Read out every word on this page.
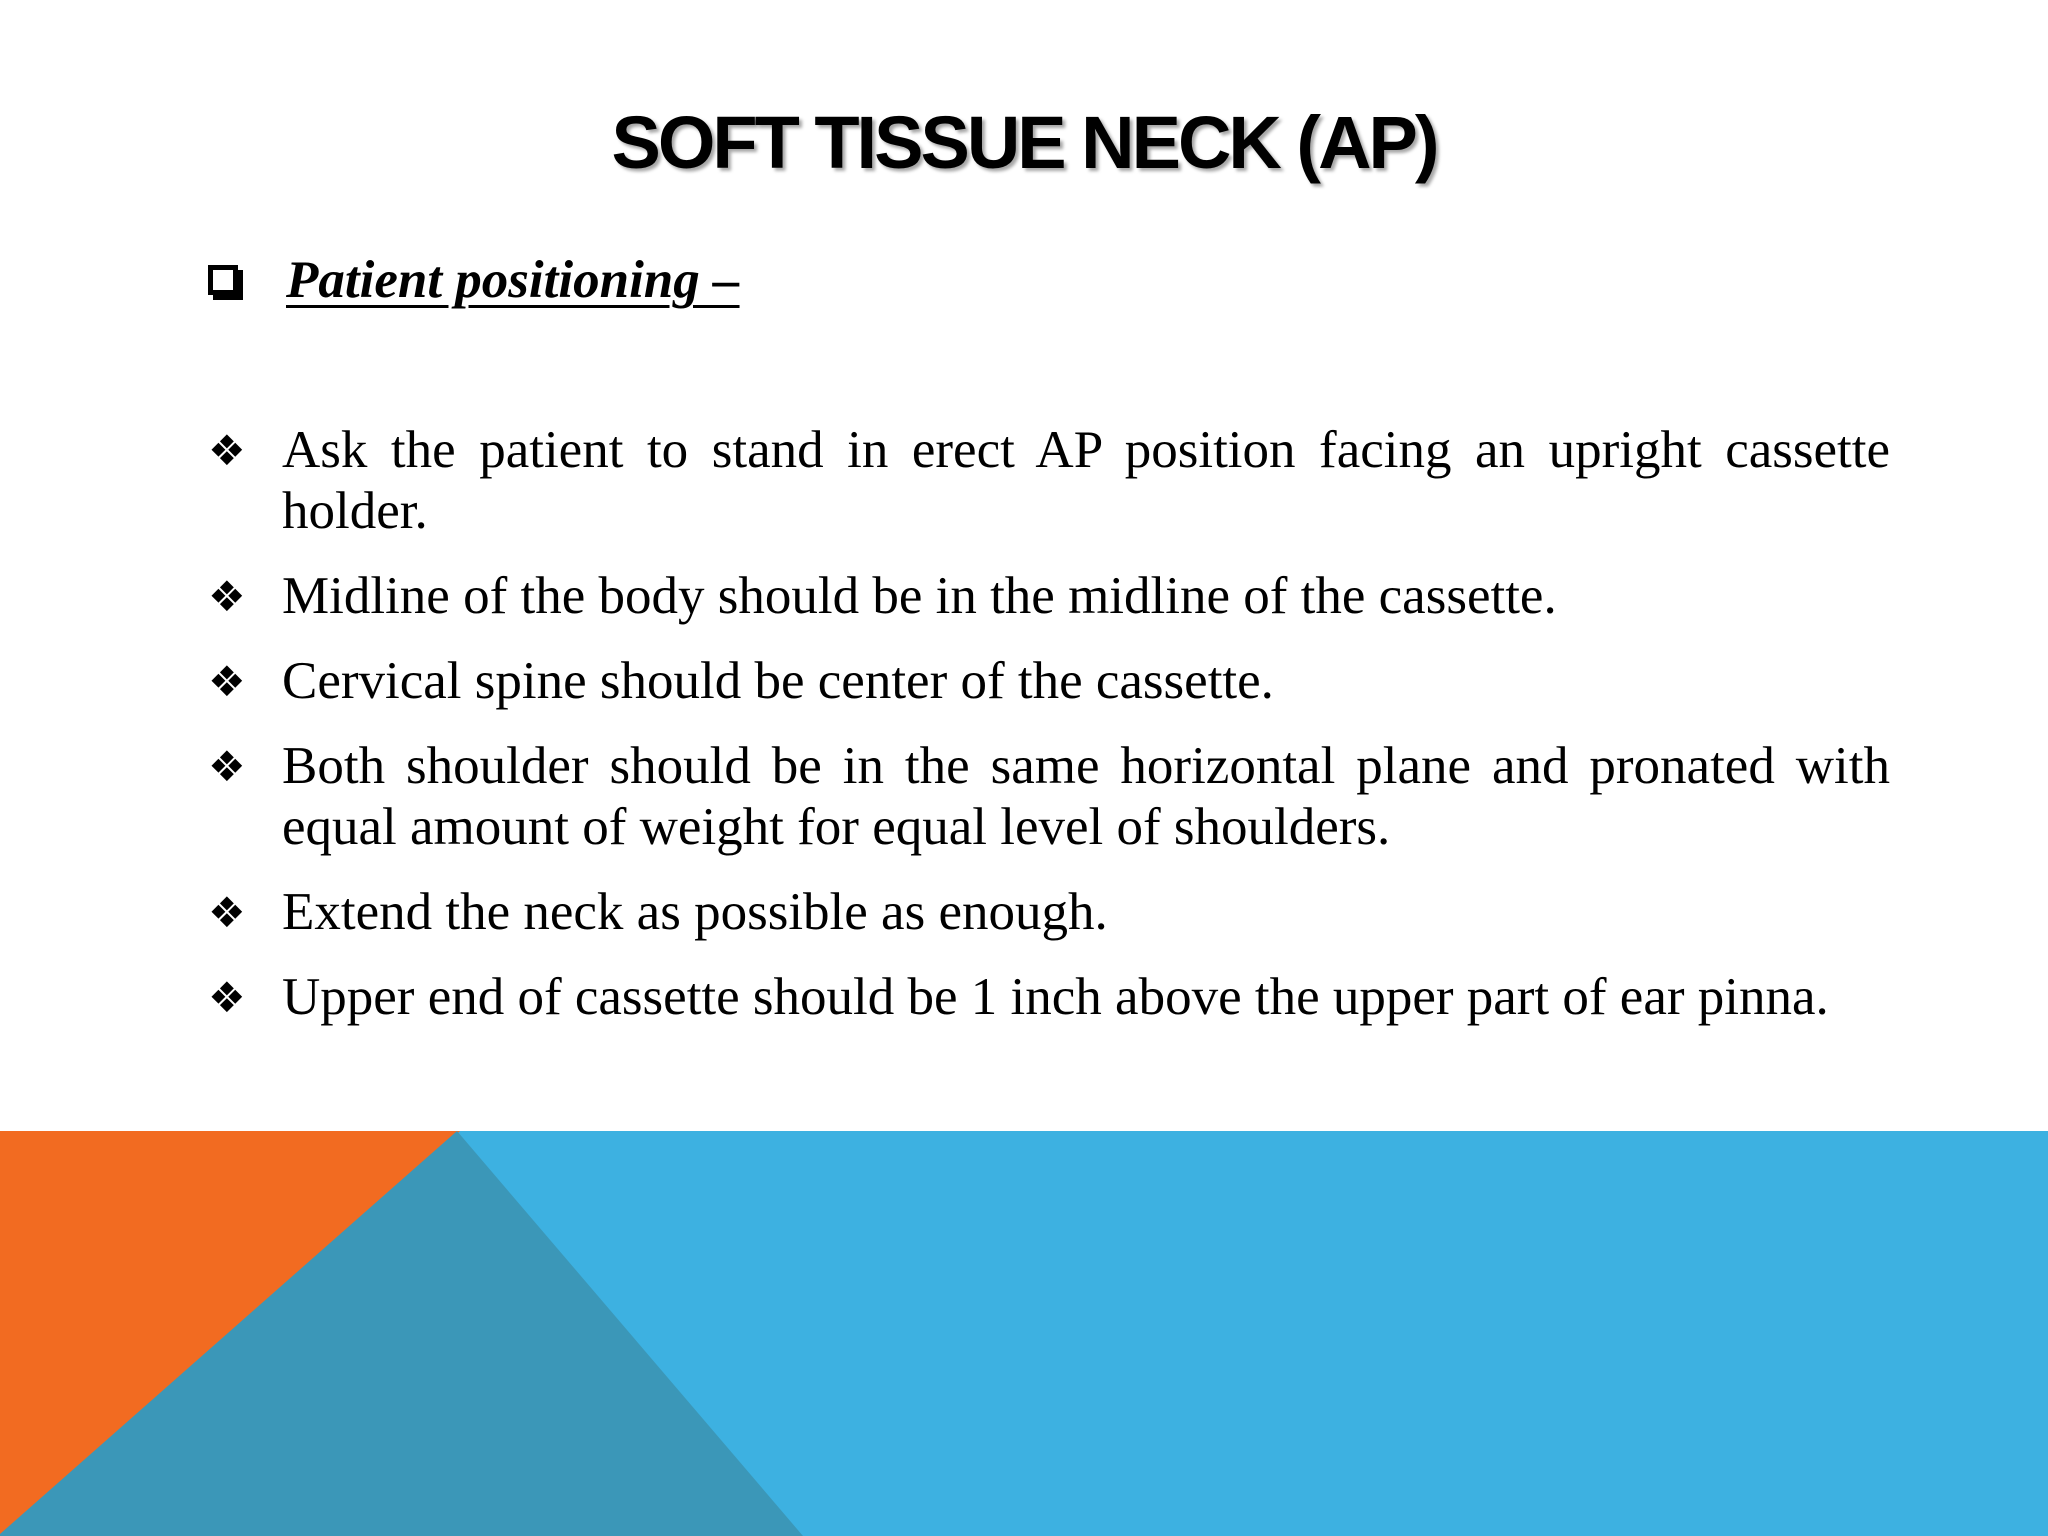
SOFT TISSUE NECK (AP)
Patient positioning –
❖ Ask the patient to stand in erect AP position facing an upright cassette holder.
❖ Midline of the body should be in the midline of the cassette.
❖ Cervical spine should be center of the cassette.
❖ Both shoulder should be in the same horizontal plane and pronated with equal amount of weight for equal level of shoulders.
❖ Extend the neck as possible as enough.
❖ Upper end of cassette should be 1 inch above the upper part of ear pinna.
